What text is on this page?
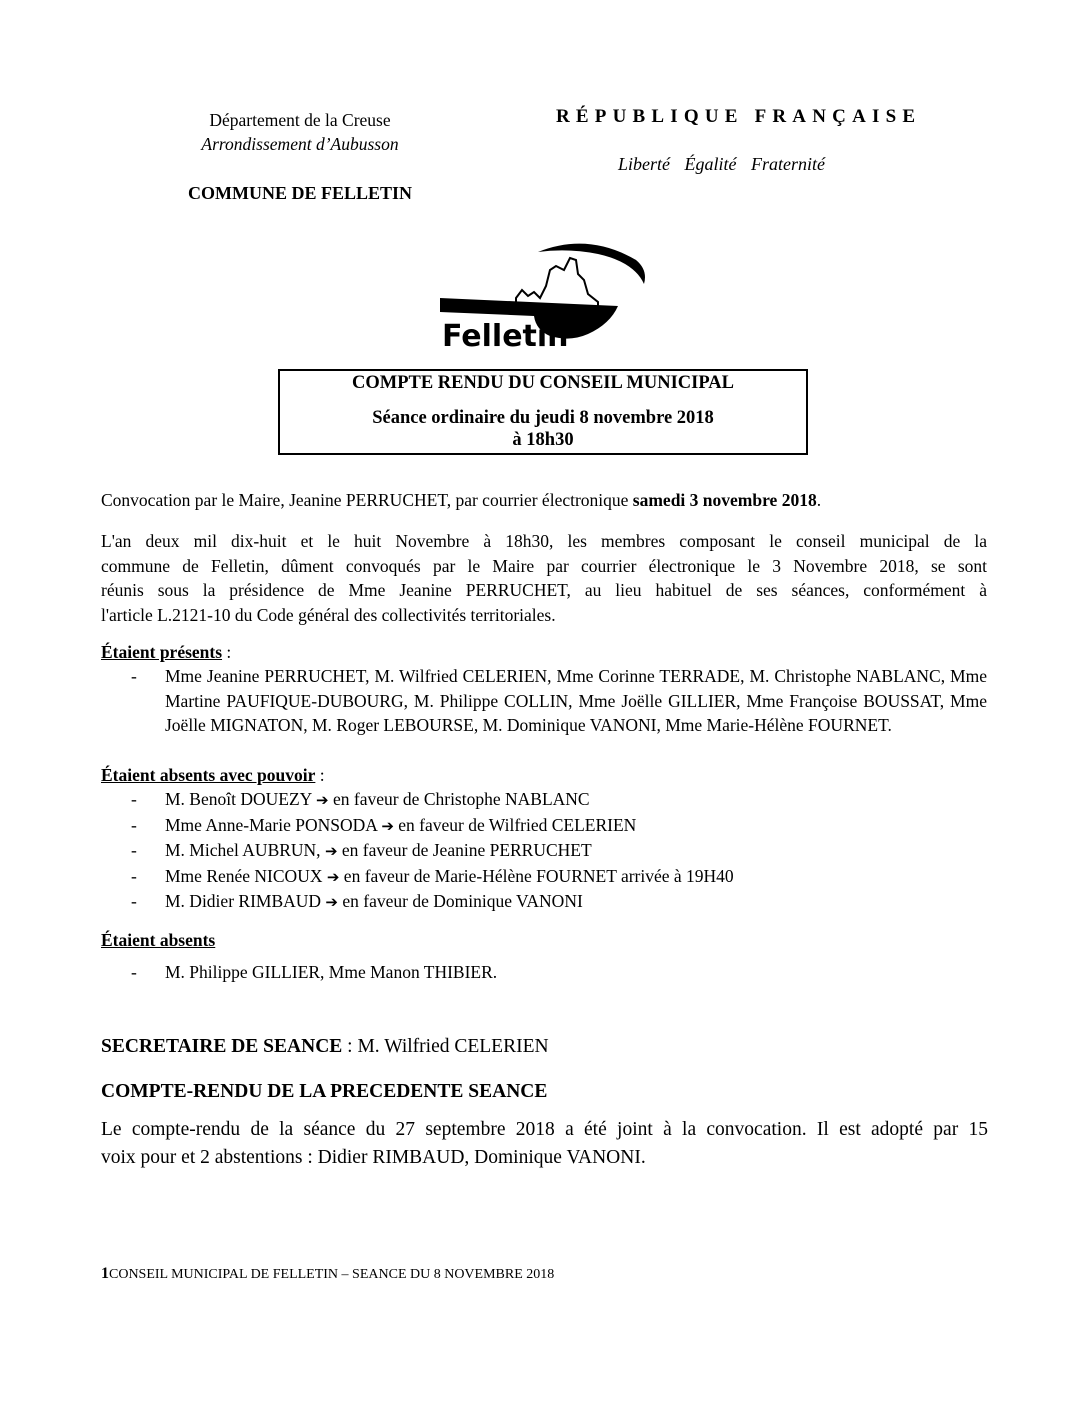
Département de la Creuse
Arrondissement d’Aubusson
COMMUNE DE FELLETIN
RÉPUBLIQUE FRANÇAISE
Liberté Égalité Fraternité
Felletin
COMPTE RENDU DU CONSEIL MUNICIPAL
Séance ordinaire du jeudi 8 novembre 2018
à 18h30
Convocation par le Maire, Jeanine PERRUCHET, par courrier électronique samedi 3 novembre 2018.
L'an deux mil dix-huit et le huit Novembre à 18h30, les membres composant le conseil municipal de la
commune de Felletin, dûment convoqués par le Maire par courrier électronique le 3 Novembre 2018, se sont
réunis sous la présidence de Mme Jeanine PERRUCHET, au lieu habituel de ses séances, conformément à
l'article L.2121-10 du Code général des collectivités territoriales.
Étaient présents :
- Mme Jeanine PERRUCHET, M. Wilfried CELERIEN, Mme Corinne TERRADE, M. Christophe NABLANC, Mme Martine PAUFIQUE-DUBOURG, M. Philippe COLLIN, Mme Joëlle GILLIER, Mme Françoise BOUSSAT, Mme Joëlle MIGNATON, M. Roger LEBOURSE, M. Dominique VANONI, Mme Marie-Hélène FOURNET.
Étaient absents avec pouvoir :
- M. Benoît DOUEZY ➔ en faveur de Christophe NABLANC
- Mme Anne-Marie PONSODA ➔ en faveur de Wilfried CELERIEN
- M. Michel AUBRUN, ➔ en faveur de Jeanine PERRUCHET
- Mme Renée NICOUX ➔ en faveur de Marie-Hélène FOURNET arrivée à 19H40
- M. Didier RIMBAUD ➔ en faveur de Dominique VANONI
Étaient absents
- M. Philippe GILLIER, Mme Manon THIBIER.
SECRETAIRE DE SEANCE : M. Wilfried CELERIEN
COMPTE-RENDU DE LA PRECEDENTE SEANCE
Le compte-rendu de la séance du 27 septembre 2018 a été joint à la convocation. Il est adopté par 15
voix pour et 2 abstentions : Didier RIMBAUD, Dominique VANONI.
1CONSEIL MUNICIPAL DE FELLETIN – SEANCE DU 8 NOVEMBRE 2018
